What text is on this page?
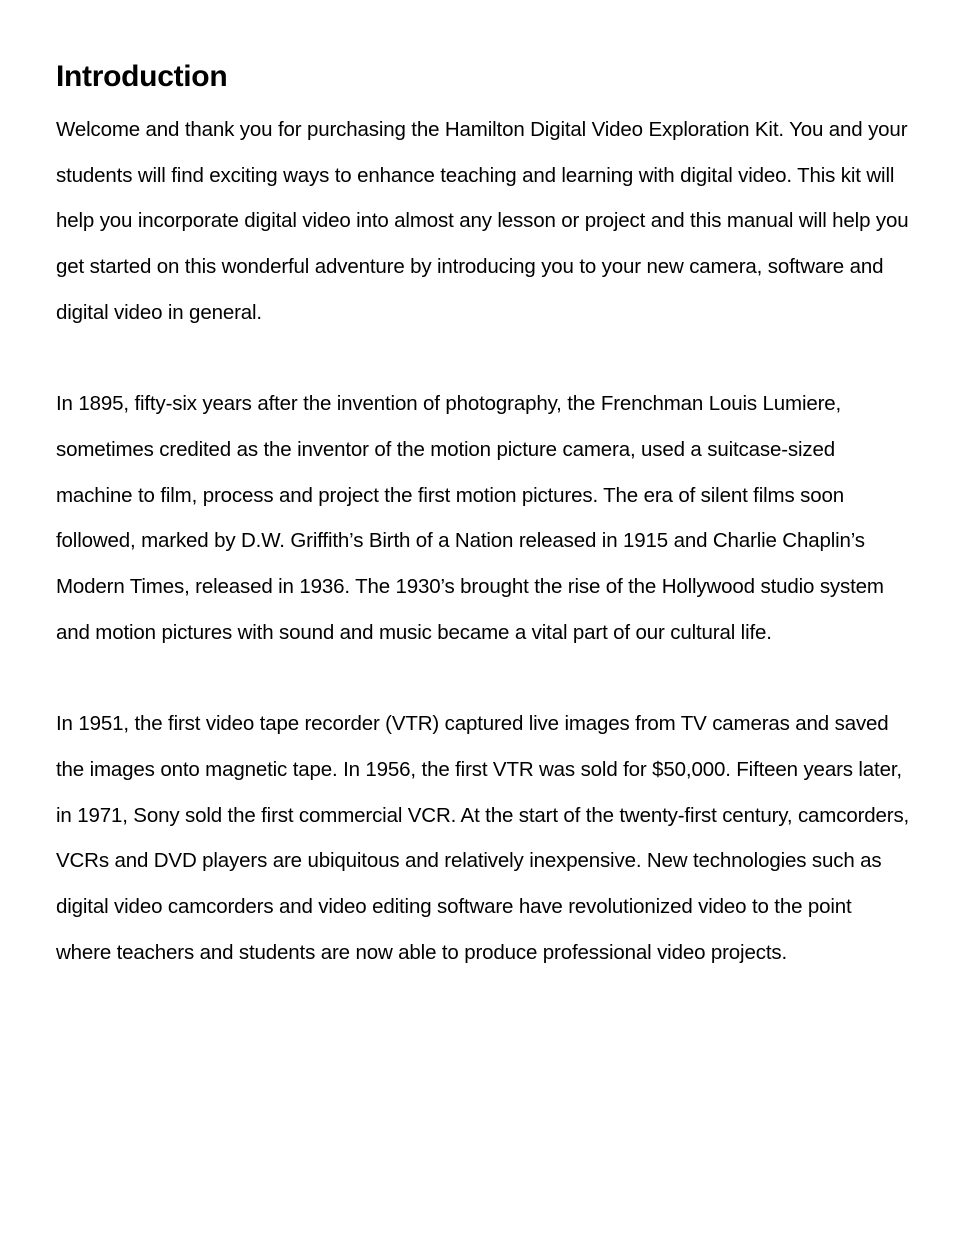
Introduction

Welcome and thank you for purchasing the Hamilton Digital Video Exploration Kit. You and your students will find exciting ways to enhance teaching and learning with digital video. This kit will help you incorporate digital video into almost any lesson or project and this manual will help you get started on this wonderful adventure by introducing you to your new camera, software and digital video in general.

In 1895, fifty-six years after the invention of photography, the Frenchman Louis Lumiere, sometimes credited as the inventor of the motion picture camera, used a suitcase-sized machine to film, process and project the first motion pictures. The era of silent films soon followed, marked by D.W. Griffith’s Birth of a Nation released in 1915 and Charlie Chaplin’s Modern Times, released in 1936. The 1930’s brought the rise of the Hollywood studio system and motion pictures with sound and music became a vital part of our cultural life.

In 1951, the first video tape recorder (VTR) captured live images from TV cameras and saved the images onto magnetic tape. In 1956, the first VTR was sold for $50,000. Fifteen years later, in 1971, Sony sold the first commercial VCR. At the start of the twenty-first century, camcorders, VCRs and DVD players are ubiquitous and relatively inexpensive. New technologies such as digital video camcorders and video editing software have revolutionized video to the point where teachers and students are now able to produce professional video projects.
